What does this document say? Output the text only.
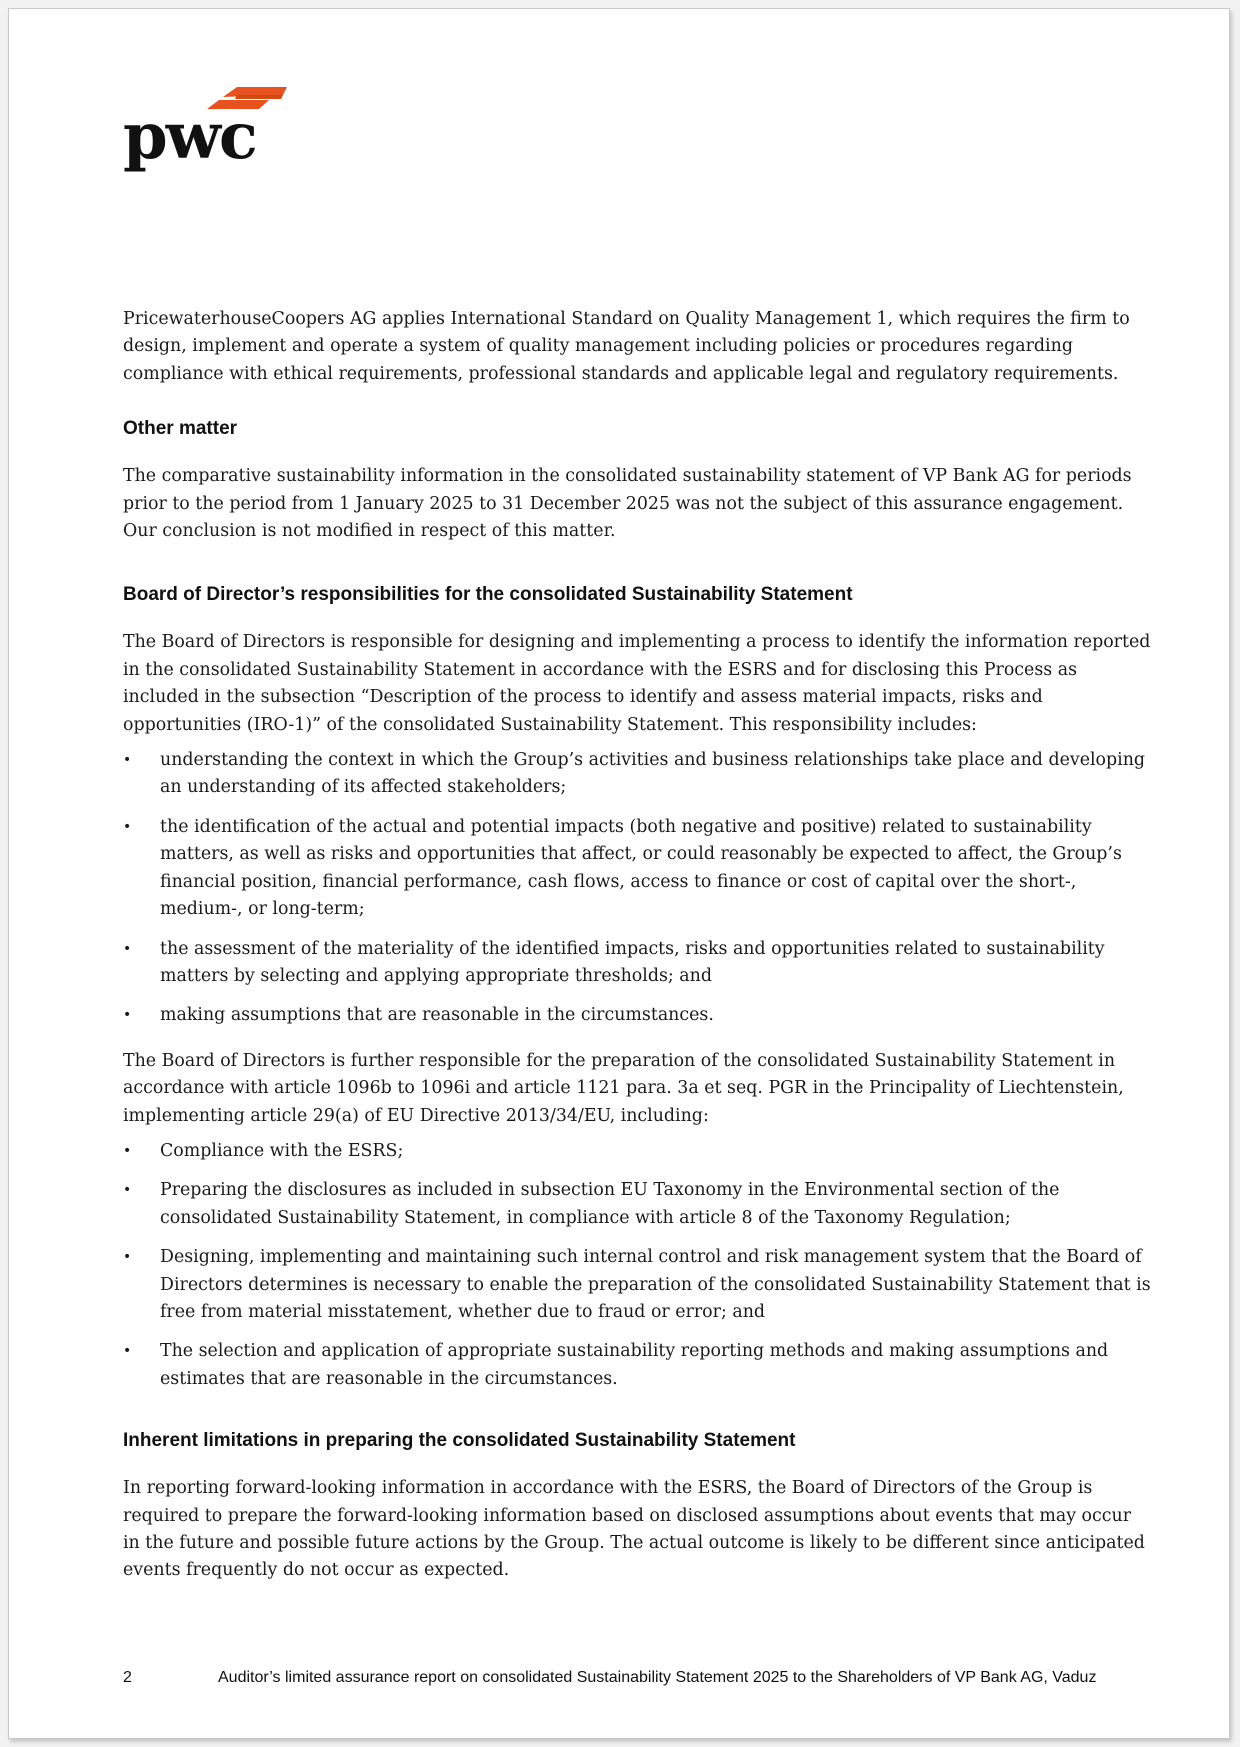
pwc

PricewaterhouseCoopers AG applies International Standard on Quality Management 1, which requires the firm to design, implement and operate a system of quality management including policies or procedures regarding compliance with ethical requirements, professional standards and applicable legal and regulatory requirements.

Other matter

The comparative sustainability information in the consolidated sustainability statement of VP Bank AG for periods prior to the period from 1 January 2025 to 31 December 2025 was not the subject of this assurance engagement. Our conclusion is not modified in respect of this matter.

Board of Director’s responsibilities for the consolidated Sustainability Statement

The Board of Directors is responsible for designing and implementing a process to identify the information reported in the consolidated Sustainability Statement in accordance with the ESRS and for disclosing this Process as included in the subsection “Description of the process to identify and assess material impacts, risks and opportunities (IRO-1)” of the consolidated Sustainability Statement. This responsibility includes:

• understanding the context in which the Group’s activities and business relationships take place and developing an understanding of its affected stakeholders;
• the identification of the actual and potential impacts (both negative and positive) related to sustainability matters, as well as risks and opportunities that affect, or could reasonably be expected to affect, the Group’s financial position, financial performance, cash flows, access to finance or cost of capital over the short-, medium-, or long-term;
• the assessment of the materiality of the identified impacts, risks and opportunities related to sustainability matters by selecting and applying appropriate thresholds; and
• making assumptions that are reasonable in the circumstances.

The Board of Directors is further responsible for the preparation of the consolidated Sustainability Statement in accordance with article 1096b to 1096i and article 1121 para. 3a et seq. PGR in the Principality of Liechtenstein, implementing article 29(a) of EU Directive 2013/34/EU, including:

• Compliance with the ESRS;
• Preparing the disclosures as included in subsection EU Taxonomy in the Environmental section of the consolidated Sustainability Statement, in compliance with article 8 of the Taxonomy Regulation;
• Designing, implementing and maintaining such internal control and risk management system that the Board of Directors determines is necessary to enable the preparation of the consolidated Sustainability Statement that is free from material misstatement, whether due to fraud or error; and
• The selection and application of appropriate sustainability reporting methods and making assumptions and estimates that are reasonable in the circumstances.
Inherent limitations in preparing the consolidated Sustainability Statement

In reporting forward-looking information in accordance with the ESRS, the Board of Directors of the Group is required to prepare the forward-looking information based on disclosed assumptions about events that may occur in the future and possible future actions by the Group. The actual outcome is likely to be different since anticipated events frequently do not occur as expected.

2	Auditor’s limited assurance report on consolidated Sustainability Statement 2025 to the Shareholders of VP Bank AG, Vaduz
